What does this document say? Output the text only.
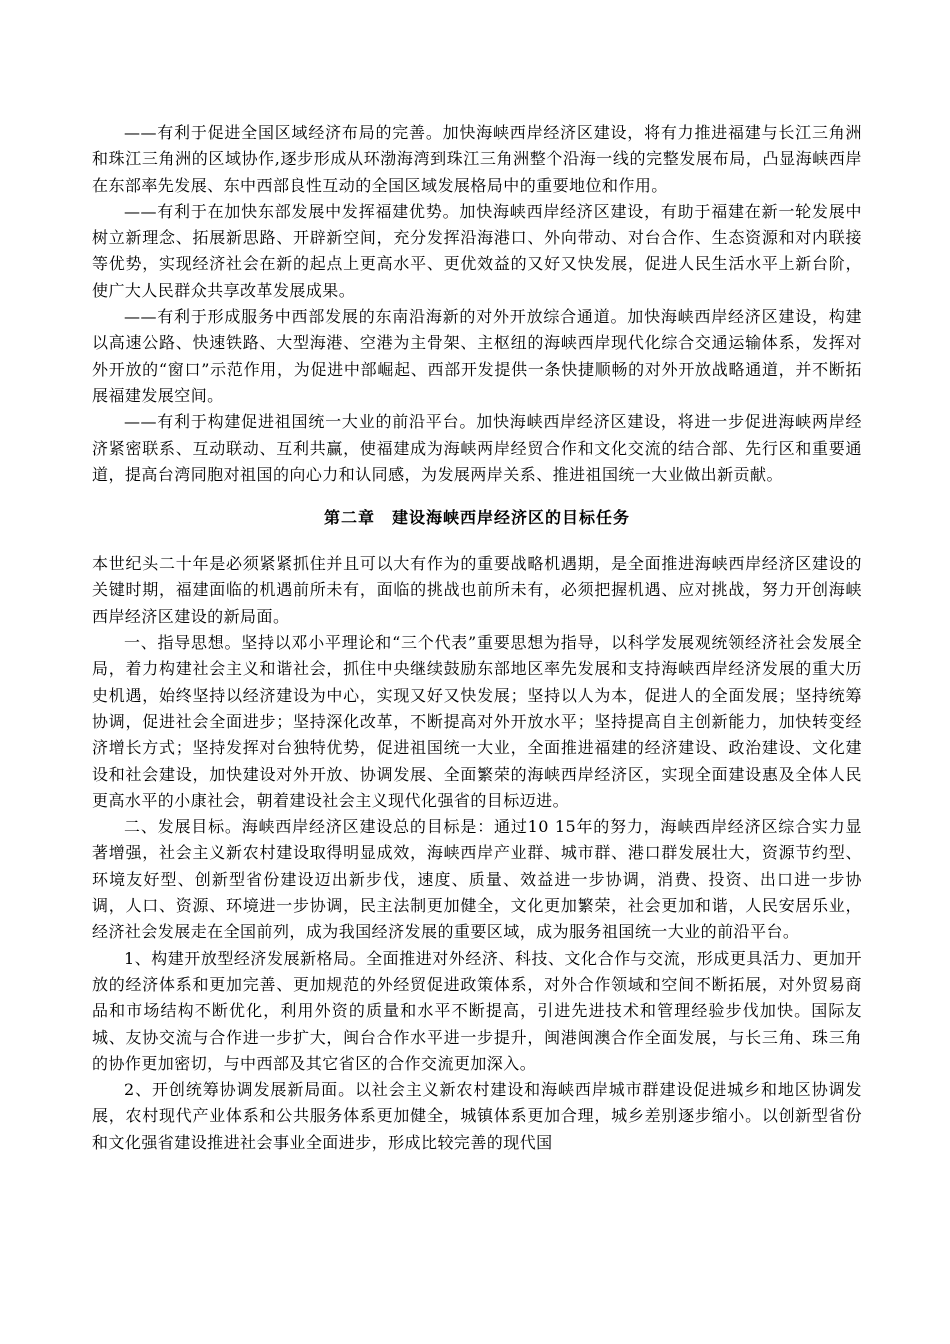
——有利于促进全国区域经济布局的完善。加快海峡西岸经济区建设，将有力推进福建与长江三角洲和珠江三角洲的区域协作,逐步形成从环渤海湾到珠江三角洲整个沿海一线的完整发展布局，凸显海峡西岸在东部率先发展、东中西部良性互动的全国区域发展格局中的重要地位和作用。

——有利于在加快东部发展中发挥福建优势。加快海峡西岸经济区建设，有助于福建在新一轮发展中树立新理念、拓展新思路、开辟新空间，充分发挥沿海港口、外向带动、对台合作、生态资源和对内联接等优势，实现经济社会在新的起点上更高水平、更优效益的又好又快发展，促进人民生活水平上新台阶，使广大人民群众共享改革发展成果。

——有利于形成服务中西部发展的东南沿海新的对外开放综合通道。加快海峡西岸经济区建设，构建以高速公路、快速铁路、大型海港、空港为主骨架、主枢纽的海峡西岸现代化综合交通运输体系，发挥对外开放的“窗口”示范作用，为促进中部崛起、西部开发提供一条快捷顺畅的对外开放战略通道，并不断拓展福建发展空间。

——有利于构建促进祖国统一大业的前沿平台。加快海峡西岸经济区建设，将进一步促进海峡两岸经济紧密联系、互动联动、互利共赢，使福建成为海峡两岸经贸合作和文化交流的结合部、先行区和重要通道，提高台湾同胞对祖国的向心力和认同感，为发展两岸关系、推进祖国统一大业做出新贡献。

第二章　建设海峡西岸经济区的目标任务

本世纪头二十年是必须紧紧抓住并且可以大有作为的重要战略机遇期，是全面推进海峡西岸经济区建设的关键时期，福建面临的机遇前所未有，面临的挑战也前所未有，必须把握机遇、应对挑战，努力开创海峡西岸经济区建设的新局面。

一、指导思想。坚持以邓小平理论和“三个代表”重要思想为指导，以科学发展观统领经济社会发展全局，着力构建社会主义和谐社会，抓住中央继续鼓励东部地区率先发展和支持海峡西岸经济发展的重大历史机遇，始终坚持以经济建设为中心，实现又好又快发展；坚持以人为本，促进人的全面发展；坚持统筹协调，促进社会全面进步；坚持深化改革，不断提高对外开放水平；坚持提高自主创新能力，加快转变经济增长方式；坚持发挥对台独特优势，促进祖国统一大业，全面推进福建的经济建设、政治建设、文化建设和社会建设，加快建设对外开放、协调发展、全面繁荣的海峡西岸经济区，实现全面建设惠及全体人民更高水平的小康社会，朝着建设社会主义现代化强省的目标迈进。

二、发展目标。海峡西岸经济区建设总的目标是：通过10 15年的努力，海峡西岸经济区综合实力显著增强，社会主义新农村建设取得明显成效，海峡西岸产业群、城市群、港口群发展壮大，资源节约型、环境友好型、创新型省份建设迈出新步伐，速度、质量、效益进一步协调，消费、投资、出口进一步协调，人口、资源、环境进一步协调，民主法制更加健全，文化更加繁荣，社会更加和谐，人民安居乐业，经济社会发展走在全国前列，成为我国经济发展的重要区域，成为服务祖国统一大业的前沿平台。

1、构建开放型经济发展新格局。全面推进对外经济、科技、文化合作与交流，形成更具活力、更加开放的经济体系和更加完善、更加规范的外经贸促进政策体系，对外合作领域和空间不断拓展，对外贸易商品和市场结构不断优化，利用外资的质量和水平不断提高，引进先进技术和管理经验步伐加快。国际友城、友协交流与合作进一步扩大，闽台合作水平进一步提升，闽港闽澳合作全面发展，与长三角、珠三角的协作更加密切，与中西部及其它省区的合作交流更加深入。

2、开创统筹协调发展新局面。以社会主义新农村建设和海峡西岸城市群建设促进城乡和地区协调发展，农村现代产业体系和公共服务体系更加健全，城镇体系更加合理，城乡差别逐步缩小。以创新型省份和文化强省建设推进社会事业全面进步，形成比较完善的现代国
